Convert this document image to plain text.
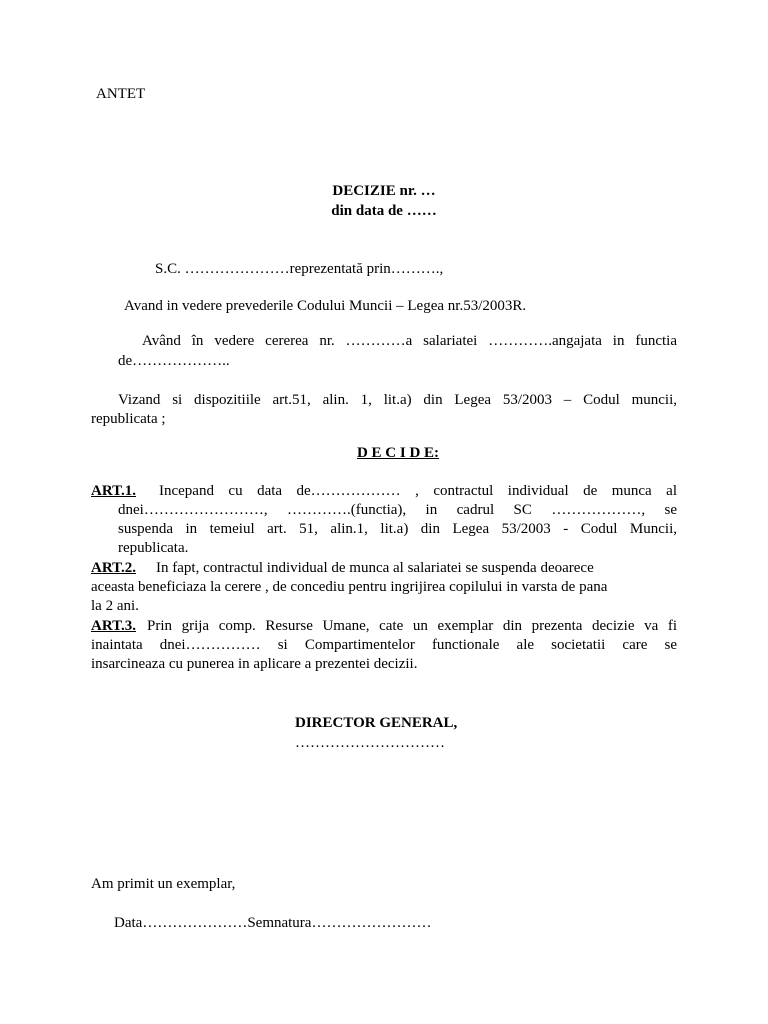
ANTET
DECIZIE nr. …
din data de ……
S.C. …………………reprezentată prin……….,
Avand in vedere prevederile Codului Muncii – Legea nr.53/2003R.
Având în vedere cererea nr. …………a salariatei ………….angajata in functia
de………………..
Vizand si dispozitiile art.51, alin. 1, lit.a) din Legea 53/2003 – Codul muncii,
republicata ;
D E C I D E:
ART.1. Incepand cu data de……………… , contractul individual de munca al
dnei……………………, ………….(functia), in cadrul SC ………………, se
suspenda in temeiul art. 51, alin.1, lit.a) din Legea 53/2003 - Codul Muncii,
republicata.
ART.2. In fapt, contractul individual de munca al salariatei se suspenda deoarece
aceasta beneficiaza la cerere , de concediu pentru ingrijirea copilului in varsta de pana
la 2 ani.
ART.3. Prin grija comp. Resurse Umane, cate un exemplar din prezenta decizie va fi
inaintata dnei…………… si Compartimentelor functionale ale societatii care se
insarcineaza cu punerea in aplicare a prezentei decizii.
DIRECTOR GENERAL,
…………………………
Am primit un exemplar,
Data…………………Semnatura……………………
